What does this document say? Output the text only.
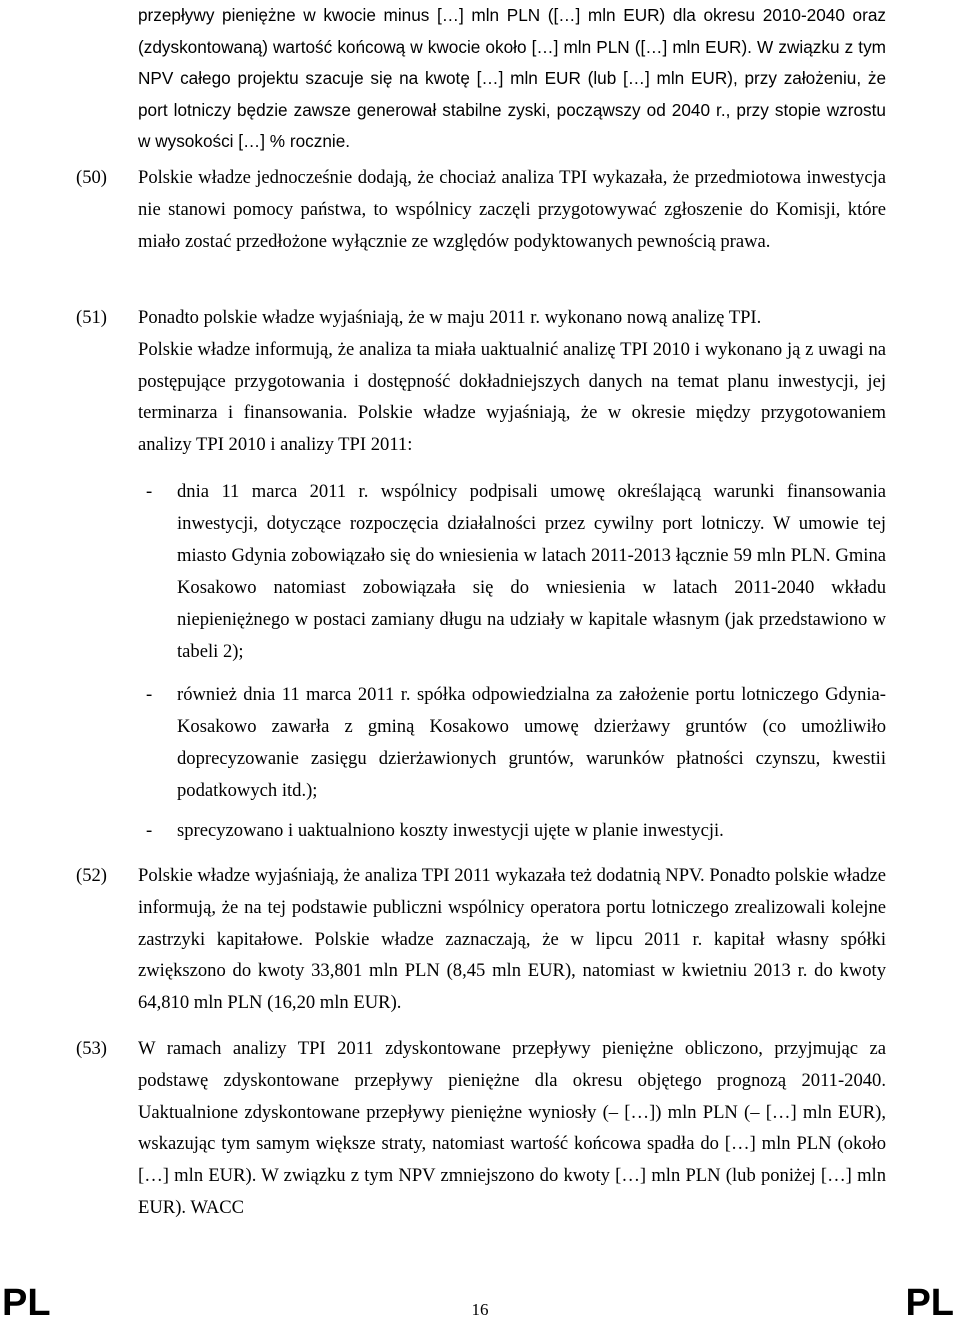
przepływy pieniężne w kwocie minus […] mln PLN ([…] mln EUR) dla okresu 2010-2040 oraz (zdyskontowaną) wartość końcową w kwocie około […] mln PLN ([…] mln EUR). W związku z tym NPV całego projektu szacuje się na kwotę […] mln EUR (lub […] mln EUR), przy założeniu, że port lotniczy będzie zawsze generował stabilne zyski, począwszy od 2040 r., przy stopie wzrostu w wysokości […] % rocznie.
(50) Polskie władze jednocześnie dodają, że chociaż analiza TPI wykazała, że przedmiotowa inwestycja nie stanowi pomocy państwa, to wspólnicy zaczęli przygotowywać zgłoszenie do Komisji, które miało zostać przedłożone wyłącznie ze względów podyktowanych pewnością prawa.

(51) Ponadto polskie władze wyjaśniają, że w maju 2011 r. wykonano nową analizę TPI.

Polskie władze informują, że analiza ta miała uaktualnić analizę TPI 2010 i wykonano ją z uwagi na postępujące przygotowania i dostępność dokładniejszych danych na temat planu inwestycji, jej terminarza i finansowania. Polskie władze wyjaśniają, że w okresie między przygotowaniem analizy TPI 2010 i analizy TPI 2011:

- dnia 11 marca 2011 r. wspólnicy podpisali umowę określającą warunki finansowania inwestycji, dotyczące rozpoczęcia działalności przez cywilny port lotniczy. W umowie tej miasto Gdynia zobowiązało się do wniesienia w latach 2011-2013 łącznie 59 mln PLN. Gmina Kosakowo natomiast zobowiązała się do wniesienia w latach 2011-2040 wkładu niepieniężnego w postaci zamiany długu na udziały w kapitale własnym (jak przedstawiono w tabeli 2);
- również dnia 11 marca 2011 r. spółka odpowiedzialna za założenie portu lotniczego Gdynia-Kosakowo zawarła z gminą Kosakowo umowę dzierżawy gruntów (co umożliwiło doprecyzowanie zasięgu dzierżawionych gruntów, warunków płatności czynszu, kwestii podatkowych itd.);
- sprecyzowano i uaktualniono koszty inwestycji ujęte w planie inwestycji.
(52) Polskie władze wyjaśniają, że analiza TPI 2011 wykazała też dodatnią NPV. Ponadto polskie władze informują, że na tej podstawie publiczni wspólnicy operatora portu lotniczego zrealizowali kolejne zastrzyki kapitałowe. Polskie władze zaznaczają, że w lipcu 2011 r. kapitał własny spółki zwiększono do kwoty 33,801 mln PLN (8,45 mln EUR), natomiast w kwietniu 2013 r. do kwoty 64,810 mln PLN (16,20 mln EUR).

(53) W ramach analizy TPI 2011 zdyskontowane przepływy pieniężne obliczono, przyjmując za podstawę zdyskontowane przepływy pieniężne dla okresu objętego prognozą 2011-2040. Uaktualnione zdyskontowane przepływy pieniężne wyniosły (– […]) mln PLN (– […] mln EUR), wskazując tym samym większe straty, natomiast wartość końcowa spadła do […] mln PLN (około […] mln EUR). W związku z tym NPV zmniejszono do kwoty […] mln PLN (lub poniżej […] mln EUR). WACC

PL	16	PL
